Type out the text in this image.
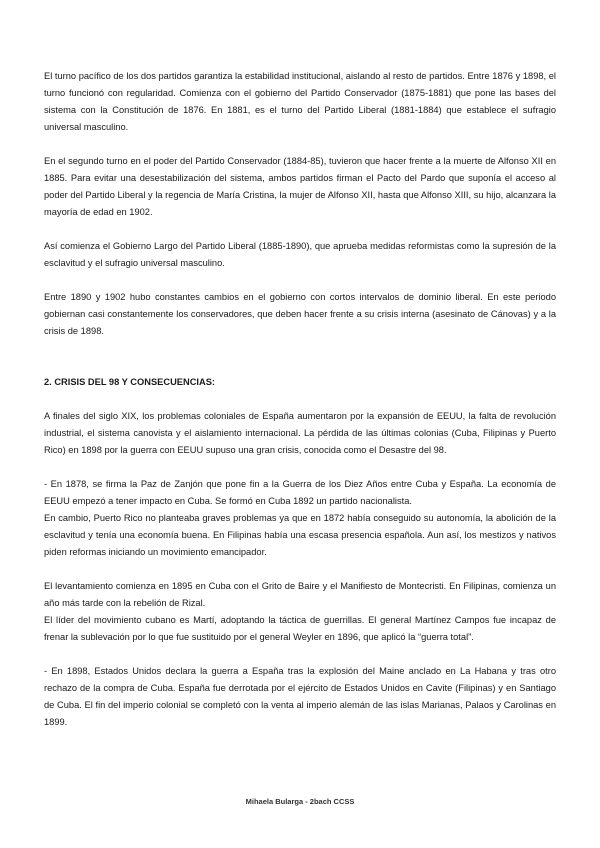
El turno pacífico de los dos partidos garantiza la estabilidad institucional, aislando al resto de partidos. Entre 1876 y 1898, el turno funcionó con regularidad. Comienza con el gobierno del Partido Conservador (1875-1881) que pone las bases del sistema con la Constitución de 1876. En 1881, es el turno del Partido Liberal (1881-1884) que establece el sufragio universal masculino.

En el segundo turno en el poder del Partido Conservador (1884-85), tuvieron que hacer frente a la muerte de Alfonso XII en 1885. Para evitar una desestabilización del sistema, ambos partidos firman el Pacto del Pardo que suponía el acceso al poder del Partido Liberal y la regencia de María Cristina, la mujer de Alfonso XII, hasta que Alfonso XIII, su hijo, alcanzara la mayoría de edad en 1902.

Así comienza el Gobierno Largo del Partido Liberal (1885-1890), que aprueba medidas reformistas como la supresión de la esclavitud y el sufragio universal masculino.

Entre 1890 y 1902 hubo constantes cambios en el gobierno con cortos intervalos de dominio liberal. En este periodo gobiernan casi constantemente los conservadores, que deben hacer frente a su crisis interna (asesinato de Cánovas) y a la crisis de 1898.

2. CRISIS DEL 98 Y CONSECUENCIAS:

A finales del siglo XIX, los problemas coloniales de España aumentaron por la expansión de EEUU, la falta de revolución industrial, el sistema canovista y el aislamiento internacional. La pérdida de las últimas colonias (Cuba, Filipinas y Puerto Rico) en 1898 por la guerra con EEUU supuso una gran crisis, conocida como el Desastre del 98.

- En 1878, se firma la Paz de Zanjón que pone fin a la Guerra de los Diez Años entre Cuba y España. La economía de EEUU empezó a tener impacto en Cuba. Se formó en Cuba 1892 un partido nacionalista.

En cambio, Puerto Rico no planteaba graves problemas ya que en 1872 había conseguido su autonomía, la abolición de la esclavitud y tenía una economía buena. En Filipinas había una escasa presencia española. Aun así, los mestizos y nativos piden reformas iniciando un movimiento emancipador.

El levantamiento comienza en 1895 en Cuba con el Grito de Baire y el Manifiesto de Montecristi. En Filipinas, comienza un año más tarde con la rebelión de Rizal.

El líder del movimiento cubano es Martí, adoptando la táctica de guerrillas. El general Martínez Campos fue incapaz de frenar la sublevación por lo que fue sustituido por el general Weyler en 1896, que aplicó la “guerra total”.

- En 1898, Estados Unidos declara la guerra a España tras la explosión del Maine anclado en La Habana y tras otro rechazo de la compra de Cuba. España fue derrotada por el ejército de Estados Unidos en Cavite (Filipinas) y en Santiago de Cuba. El fin del imperio colonial se completó con la venta al imperio alemán de las islas Marianas, Palaos y Carolinas en 1899.

Mihaela Bularga - 2bach CCSS
